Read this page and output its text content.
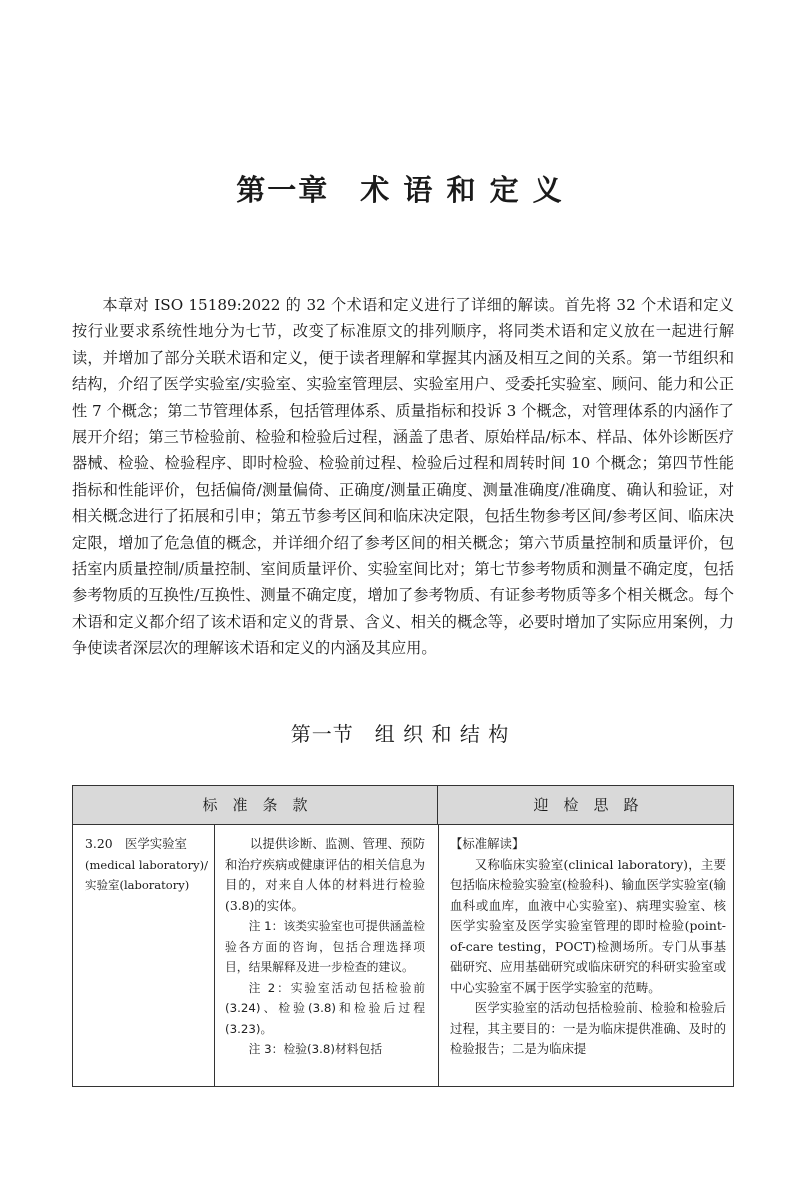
第一章　术 语 和 定 义

本章对 ISO 15189:2022 的 32 个术语和定义进行了详细的解读。首先将 32 个术语和定义按行业要求系统性地分为七节，改变了标准原文的排列顺序，将同类术语和定义放在一起进行解读，并增加了部分关联术语和定义，便于读者理解和掌握其内涵及相互之间的关系。第一节组织和结构，介绍了医学实验室/实验室、实验室管理层、实验室用户、受委托实验室、顾问、能力和公正性 7 个概念；第二节管理体系，包括管理体系、质量指标和投诉 3 个概念，对管理体系的内涵作了展开介绍；第三节检验前、检验和检验后过程，涵盖了患者、原始样品/标本、样品、体外诊断医疗器械、检验、检验程序、即时检验、检验前过程、检验后过程和周转时间 10 个概念；第四节性能指标和性能评价，包括偏倚/测量偏倚、正确度/测量正确度、测量准确度/准确度、确认和验证，对相关概念进行了拓展和引申；第五节参考区间和临床决定限，包括生物参考区间/参考区间、临床决定限，增加了危急值的概念，并详细介绍了参考区间的相关概念；第六节质量控制和质量评价，包括室内质量控制/质量控制、室间质量评价、实验室间比对；第七节参考物质和测量不确定度，包括参考物质的互换性/互换性、测量不确定度，增加了参考物质、有证参考物质等多个相关概念。每个术语和定义都介绍了该术语和定义的背景、含义、相关的概念等，必要时增加了实际应用案例，力争使读者深层次的理解该术语和定义的内涵及其应用。

第一节　组 织 和 结 构
标　准　条　款	迎　检　思　路
3.20　医学实验室
(medical laboratory)/
实验室(laboratory)

以提供诊断、监测、管理、预防和治疗疾病或健康评估的相关信息为目的，对来自人体的材料进行检验(3.8)的实体。

注 1：该类实验室也可提供涵盖检验各方面的咨询，包括合理选择项目，结果解释及进一步检查的建议。

注 2：实验室活动包括检验前(3.24)、检验(3.8)和检验后过程(3.23)。

注 3：检验(3.8)材料包括

【标准解读】

又称临床实验室(clinical laboratory)，主要包括临床检验实验室(检验科)、输血医学实验室(输血科或血库，血液中心实验室)、病理实验室、核医学实验室及医学实验室管理的即时检验(point-of-care testing，POCT)检测场所。专门从事基础研究、应用基础研究或临床研究的科研实验室或中心实验室不属于医学实验室的范畴。

医学实验室的活动包括检验前、检验和检验后过程，其主要目的：一是为临床提供准确、及时的检验报告；二是为临床提
